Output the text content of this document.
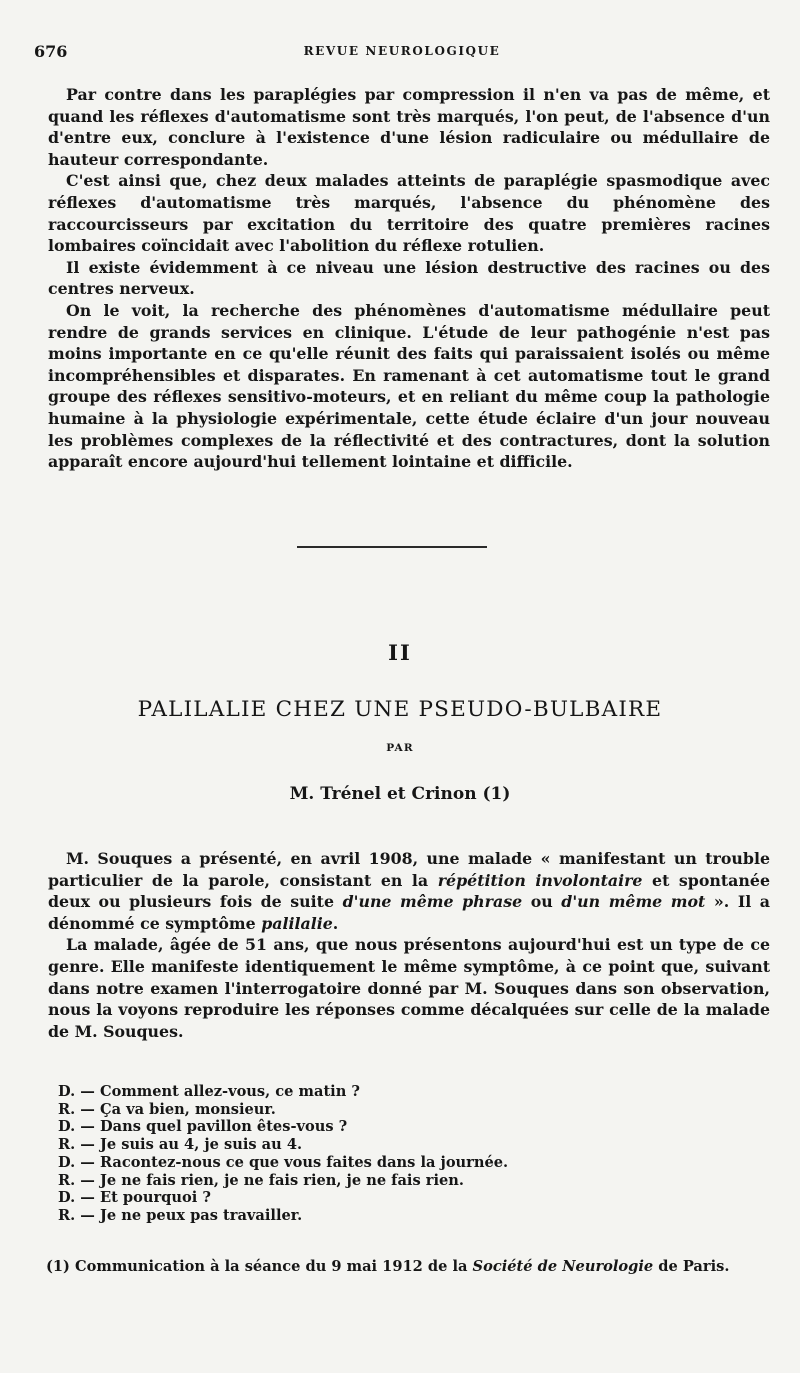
676	REVUE NEUROLOGIQUE

Par contre dans les paraplégies par compression il n'en va pas de même, et quand les réflexes d'automatisme sont très marqués, l'on peut, de l'absence d'un d'entre eux, conclure à l'existence d'une lésion radiculaire ou médullaire de hauteur correspondante.

C'est ainsi que, chez deux malades atteints de paraplégie spasmodique avec réflexes d'automatisme très marqués, l'absence du phénomène des raccourcisseurs par excitation du territoire des quatre premières racines lombaires coïncidait avec l'abolition du réflexe rotulien.

Il existe évidemment à ce niveau une lésion destructive des racines ou des centres nerveux.

On le voit, la recherche des phénomènes d'automatisme médullaire peut rendre de grands services en clinique. L'étude de leur pathogénie n'est pas moins importante en ce qu'elle réunit des faits qui paraissaient isolés ou même incompréhensibles et disparates. En ramenant à cet automatisme tout le grand groupe des réflexes sensitivo-moteurs, et en reliant du même coup la pathologie humaine à la physiologie expérimentale, cette étude éclaire d'un jour nouveau les problèmes complexes de la réflectivité et des contractures, dont la solution apparaît encore aujourd'hui tellement lointaine et difficile.

II
PALILALIE CHEZ UNE PSEUDO-BULBAIRE
PAR
M. Trénel et Crinon (1)

M. Souques a présenté, en avril 1908, une malade « manifestant un trouble particulier de la parole, consistant en la répétition involontaire et spontanée deux ou plusieurs fois de suite d'une même phrase ou d'un même mot ». Il a dénommé ce symptôme palilalie.

La malade, âgée de 51 ans, que nous présentons aujourd'hui est un type de ce genre. Elle manifeste identiquement le même symptôme, à ce point que, suivant dans notre examen l'interrogatoire donné par M. Souques dans son observation, nous la voyons reproduire les réponses comme décalquées sur celle de la malade de M. Souques.

D. — Comment allez-vous, ce matin ?
R. — Ça va bien, monsieur.
D. — Dans quel pavillon êtes-vous ?
R. — Je suis au 4, je suis au 4.
D. — Racontez-nous ce que vous faites dans la journée.
R. — Je ne fais rien, je ne fais rien, je ne fais rien.
D. — Et pourquoi ?
R. — Je ne peux pas travailler.
(1) Communication à la séance du 9 mai 1912 de la Société de Neurologie de Paris.
